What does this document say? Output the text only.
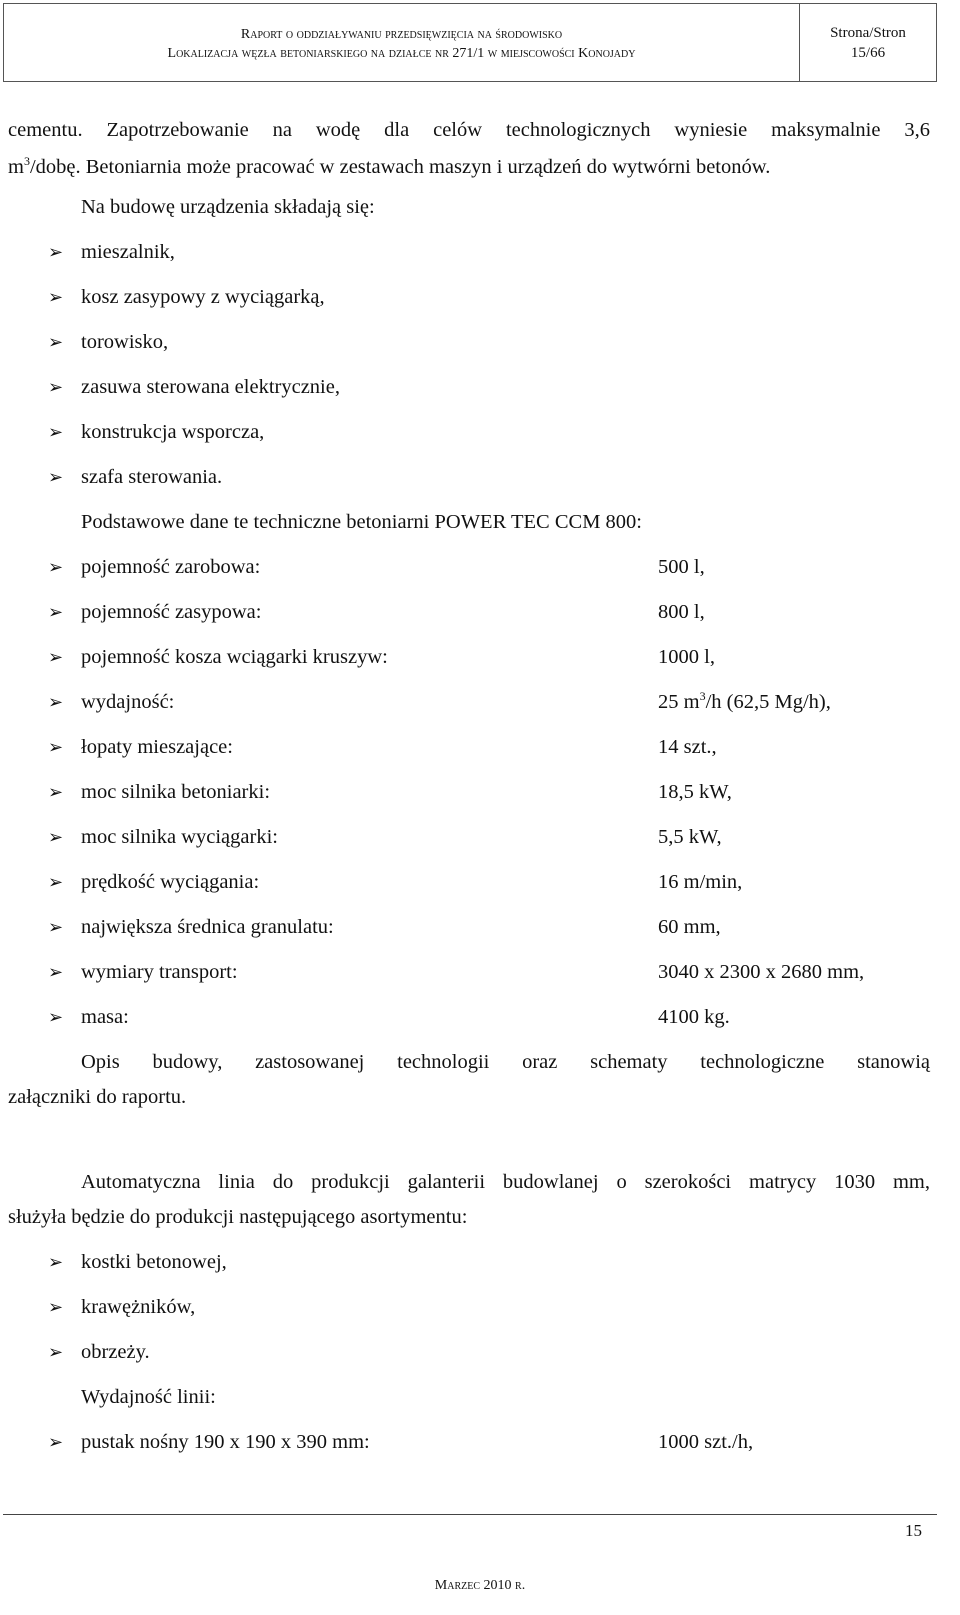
Raport o oddziaływaniu przedsięwzięcia na środowisko
Lokalizacja węzła betoniarskiego na działce nr 271/1 w miejscowości Konojady
Strona/Stron
15/66
cementu. Zapotrzebowanie na wodę dla celów technologicznych wyniesie maksymalnie 3,6
$m^3$/dobę. Betoniarnia może pracować w zestawach maszyn i urządzeń do wytwórni betonów.
Na budowę urządzenia składają się:
➢ mieszalnik,
➢ kosz zasypowy z wyciągarką,
➢ torowisko,
➢ zasuwa sterowana elektrycznie,
➢ konstrukcja wsporcza,
➢ szafa sterowania.
Podstawowe dane te techniczne betoniarni POWER TEC CCM 800:
➢ pojemność zarobowa:	500 l,
➢ pojemność zasypowa:	800 l,
➢ pojemność kosza wciągarki kruszyw:	1000 l,
➢ wydajność:	25 $m^3/h$ (62,5 Mg/h),
➢ łopaty mieszające:	14 szt.,
➢ moc silnika betoniarki:	18,5 kW,
➢ moc silnika wyciągarki:	5,5 kW,
➢ prędkość wyciągania:	16 m/min,
➢ największa średnica granulatu:	60 mm,
➢ wymiary transport:	3040 x 2300 x 2680 mm,
➢ masa:	4100 kg.
Opis budowy, zastosowanej technologii oraz schematy technologiczne stanowią
załączniki do raportu.
Automatyczna linia do produkcji galanterii budowlanej o szerokości matrycy 1030 mm,
służyła będzie do produkcji następującego asortymentu:
➢ kostki betonowej,
➢ krawężników,
➢ obrzeży.
Wydajność linii:
➢ pustak nośny 190 x 190 x 390 mm:	1000 szt./h,
15
Marzec 2010 r.
